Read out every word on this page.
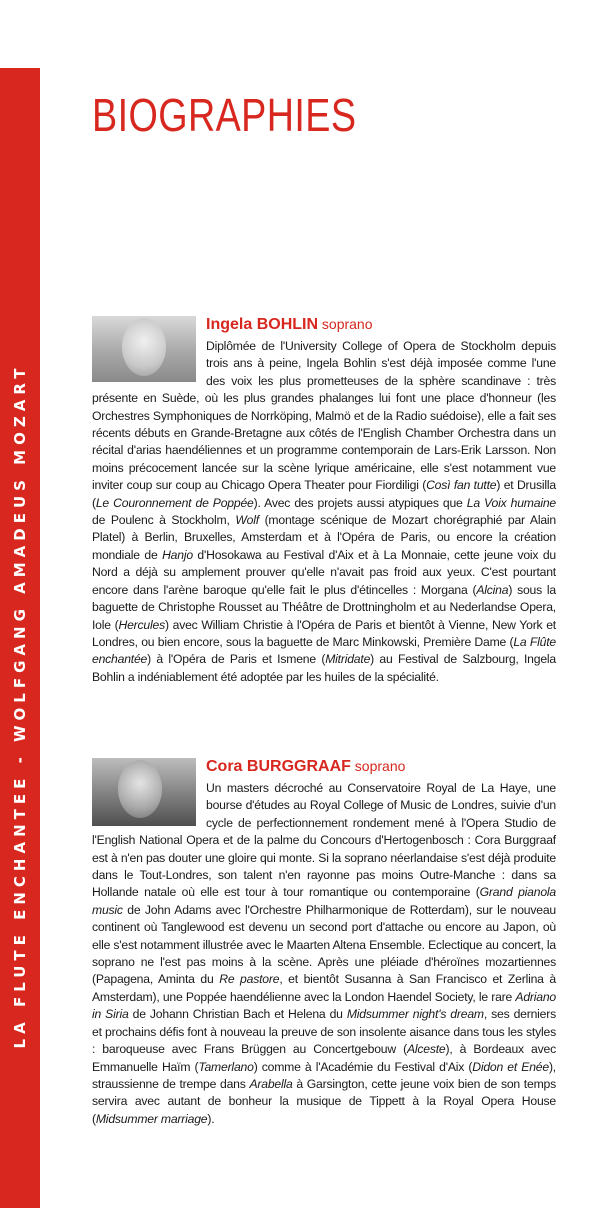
LA FLUTE ENCHANTEE - WOLFGANG AMADEUS MOZART
BIOGRAPHIES

Ingela BOHLIN soprano

Diplômée de l'University College of Opera de Stockholm depuis trois ans à peine, Ingela Bohlin s'est déjà imposée comme l'une des voix les plus prometteuses de la sphère scandinave : très présente en Suède, où les plus grandes phalanges lui font une place d'honneur (les Orchestres Symphoniques de Norrköping, Malmö et de la Radio suédoise), elle a fait ses récents débuts en Grande-Bretagne aux côtés de l'English Chamber Orchestra dans un récital d'arias haendéliennes et un programme contemporain de Lars-Erik Larsson. Non moins précocement lancée sur la scène lyrique américaine, elle s'est notamment vue inviter coup sur coup au Chicago Opera Theater pour Fiordiligi (Così fan tutte) et Drusilla (Le Couronnement de Poppée). Avec des projets aussi atypiques que La Voix humaine de Poulenc à Stockholm, Wolf (montage scénique de Mozart chorégraphié par Alain Platel) à Berlin, Bruxelles, Amsterdam et à l'Opéra de Paris, ou encore la création mondiale de Hanjo d'Hosokawa au Festival d'Aix et à La Monnaie, cette jeune voix du Nord a déjà su amplement prouver qu'elle n'avait pas froid aux yeux. C'est pourtant encore dans l'arène baroque qu'elle fait le plus d'étincelles : Morgana (Alcina) sous la baguette de Christophe Rousset au Théâtre de Drottningholm et au Nederlandse Opera, Iole (Hercules) avec William Christie à l'Opéra de Paris et bientôt à Vienne, New York et Londres, ou bien encore, sous la baguette de Marc Minkowski, Première Dame (La Flûte enchantée) à l'Opéra de Paris et Ismene (Mitridate) au Festival de Salzbourg, Ingela Bohlin a indéniablement été adoptée par les huiles de la spécialité.

Cora BURGGRAAF soprano

Un masters décroché au Conservatoire Royal de La Haye, une bourse d'études au Royal College of Music de Londres, suivie d'un cycle de perfectionnement rondement mené à l'Opera Studio de l'English National Opera et de la palme du Concours d'Hertogenbosch : Cora Burggraaf est à n'en pas douter une gloire qui monte. Si la soprano néerlandaise s'est déjà produite dans le Tout-Londres, son talent n'en rayonne pas moins Outre-Manche : dans sa Hollande natale où elle est tour à tour romantique ou contemporaine (Grand pianola music de John Adams avec l'Orchestre Philharmonique de Rotterdam), sur le nouveau continent où Tanglewood est devenu un second port d'attache ou encore au Japon, où elle s'est notamment illustrée avec le Maarten Altena Ensemble. Eclectique au concert, la soprano ne l'est pas moins à la scène. Après une pléiade d'héroïnes mozartiennes (Papagena, Aminta du Re pastore, et bientôt Susanna à San Francisco et Zerlina à Amsterdam), une Poppée haendélienne avec la London Haendel Society, le rare Adriano in Siria de Johann Christian Bach et Helena du Midsummer night's dream, ses derniers et prochains défis font à nouveau la preuve de son insolente aisance dans tous les styles : baroqueuse avec Frans Brüggen au Concertgebouw (Alceste), à Bordeaux avec Emmanuelle Haïm (Tamerlano) comme à l'Académie du Festival d'Aix (Didon et Enée), straussienne de trempe dans Arabella à Garsington, cette jeune voix bien de son temps servira avec autant de bonheur la musique de Tippett à la Royal Opera House (Midsummer marriage).
